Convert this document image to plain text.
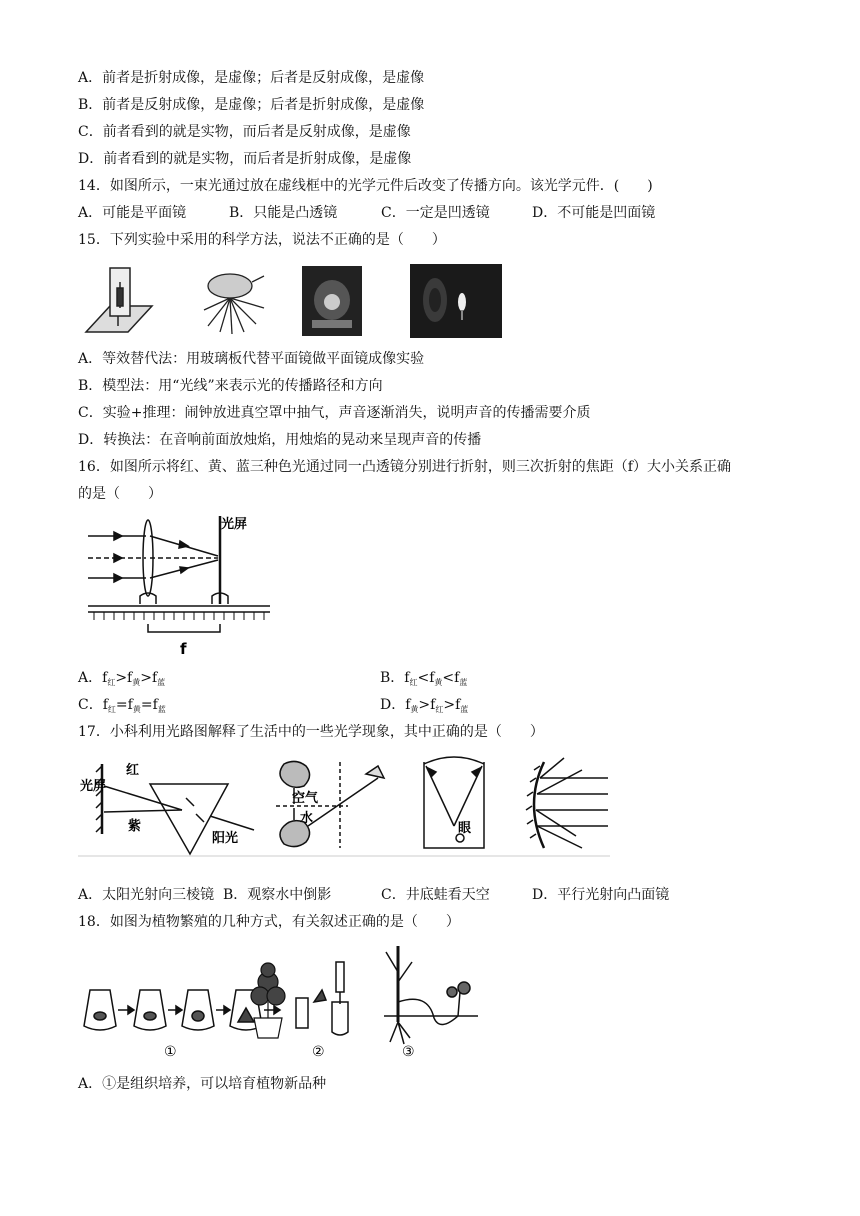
A．前者是折射成像，是虚像；后者是反射成像，是虚像
B．前者是反射成像，是虚像；后者是折射成像，是虚像
C．前者看到的就是实物，而后者是反射成像，是虚像
D．前者看到的就是实物，而后者是折射成像，是虚像
14．如图所示，一束光通过放在虚线框中的光学元件后改变了传播方向。该光学元件．(　　)
A．可能是平面镜	B．只能是凸透镜	C．一定是凹透镜	D．不可能是凹面镜
15．下列实验中采用的科学方法，说法不正确的是（　　）
A．等效替代法：用玻璃板代替平面镜做平面镜成像实验
B．模型法：用“光线”来表示光的传播路径和方向
C．实验+推理：闹钟放进真空罩中抽气，声音逐渐消失，说明声音的传播需要介质
D．转换法：在音响前面放烛焰，用烛焰的晃动来呈现声音的传播
16．如图所示将红、黄、蓝三种色光通过同一凸透镜分别进行折射，则三次折射的焦距（f）大小关系正确
的是（　　）
光屏
f
A．$f_红>f_黄>f_蓝$	B．$f_红<f_黄<f_蓝$
C．$f_红=f_黄=f_蓝$	D．$f_黄>f_红>f_蓝$
17．小科利用光路图解释了生活中的一些光学现象，其中正确的是（　　）
光屏
红
紫
阳光
空气
水
眼
A．太阳光射向三棱镜 B．观察水中倒影	C．井底蛙看天空	D．平行光射向凸面镜
18．如图为植物繁殖的几种方式，有关叙述正确的是（　　）
①	②	③
A．①是组织培养，可以培育植物新品种
